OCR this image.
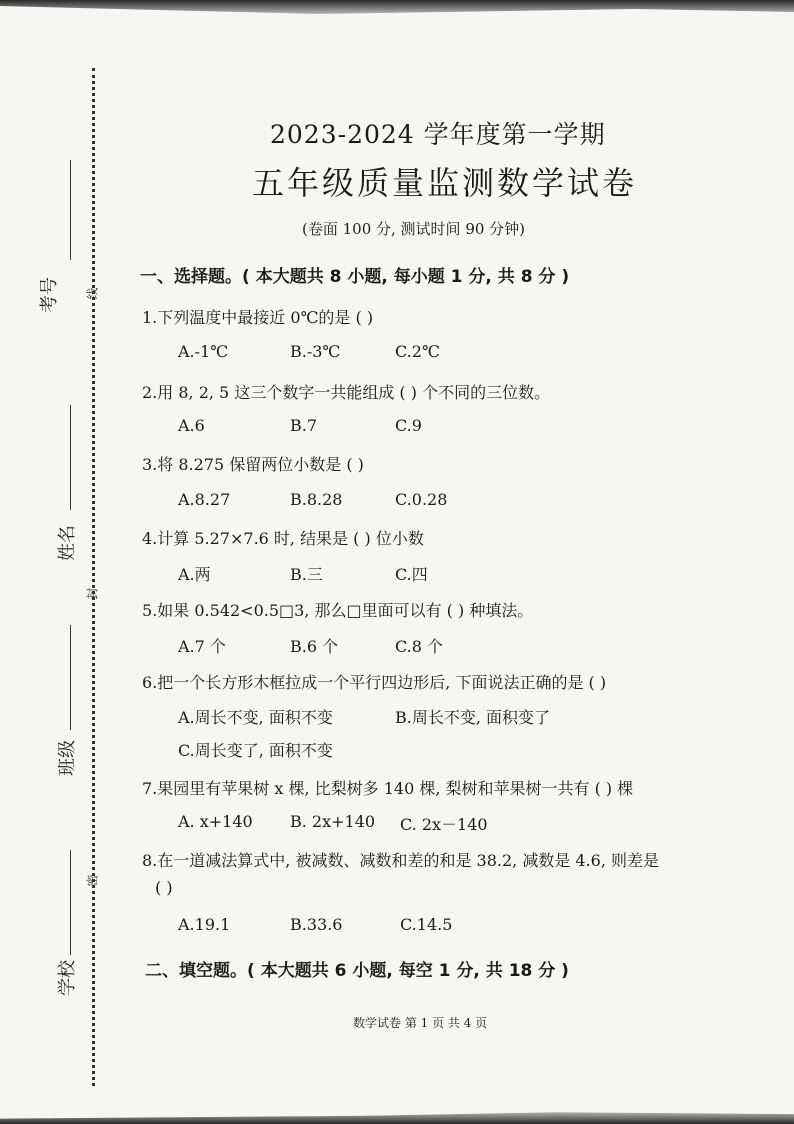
考号
姓名
班级
学校
线
封
密
2023-2024 学年度第一学期
五年级质量监测数学试卷
(卷面 100 分, 测试时间 90 分钟)
一、选择题。( 本大题共 8 小题, 每小题 1 分, 共 8 分 )
1.下列温度中最接近 0℃的是 ( )
A.-1℃	B.-3℃	C.2℃
2.用 8, 2, 5 这三个数字一共能组成 ( ) 个不同的三位数。
A.6	B.7	C.9
3.将 8.275 保留两位小数是 ( )
A.8.27	B.8.28	C.0.28
4.计算 5.27×7.6 时, 结果是 ( ) 位小数
A.两	B.三	C.四
5.如果 0.542<0.5□3, 那么□里面可以有 ( ) 种填法。
A.7 个	B.6 个	C.8 个
6.把一个长方形木框拉成一个平行四边形后, 下面说法正确的是 ( )
A.周长不变, 面积不变	B.周长不变, 面积变了
C.周长变了, 面积不变
7.果园里有苹果树 x 棵, 比梨树多 140 棵, 梨树和苹果树一共有 ( ) 棵
A. x+140 B. 2x+140 C. 2x－140
8.在一道减法算式中, 被减数、减数和差的和是 38.2, 减数是 4.6, 则差是
( )
A.19.1	B.33.6	C.14.5
二、填空题。( 本大题共 6 小题, 每空 1 分, 共 18 分 )
数学试卷 第 1 页 共 4 页
